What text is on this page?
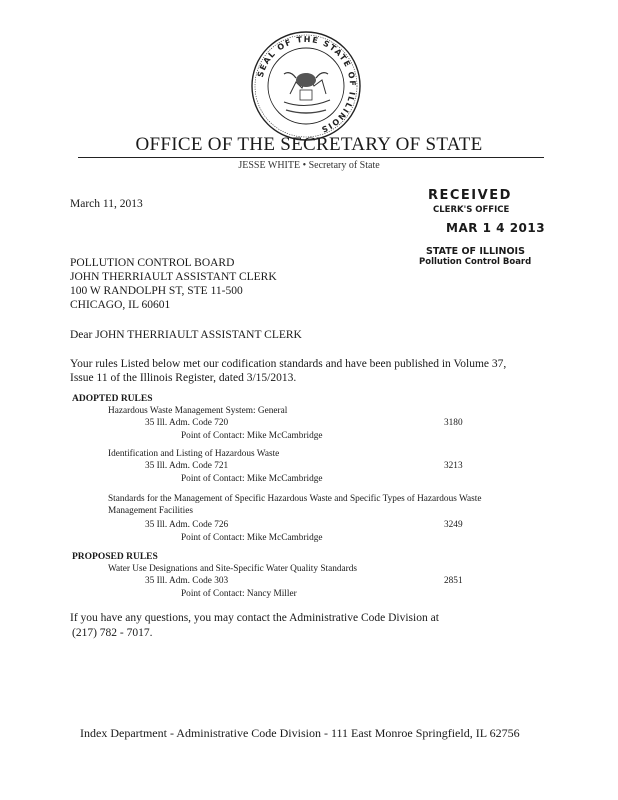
SEAL OF THE STATE OF ILLINOIS
OFFICE OF THE SECRETARY OF STATE
JESSE WHITE • Secretary of State
March 11, 2013
RECEIVED
CLERK'S OFFICE
MAR 1 4 2013
STATE OF ILLINOIS
Pollution Control Board
POLLUTION CONTROL BOARD
JOHN THERRIAULT ASSISTANT CLERK
100 W RANDOLPH ST, STE 11-500
CHICAGO, IL 60601
Dear JOHN THERRIAULT ASSISTANT CLERK
Your rules Listed below met our codification standards and have been published in Volume 37,
Issue 11 of the Illinois Register, dated 3/15/2013.
ADOPTED RULES
Hazardous Waste Management System: General
35 Ill. Adm. Code 720	3180
Point of Contact: Mike McCambridge
Identification and Listing of Hazardous Waste
35 Ill. Adm. Code 721	3213
Point of Contact: Mike McCambridge
Standards for the Management of Specific Hazardous Waste and Specific Types of Hazardous Waste
Management Facilities
35 Ill. Adm. Code 726	3249
Point of Contact: Mike McCambridge
PROPOSED RULES
Water Use Designations and Site-Specific Water Quality Standards
35 Ill. Adm. Code 303	2851
Point of Contact: Nancy Miller
If you have any questions, you may contact the Administrative Code Division at
(217) 782 - 7017.
Index Department - Administrative Code Division - 111 East Monroe Springfield, IL 62756
